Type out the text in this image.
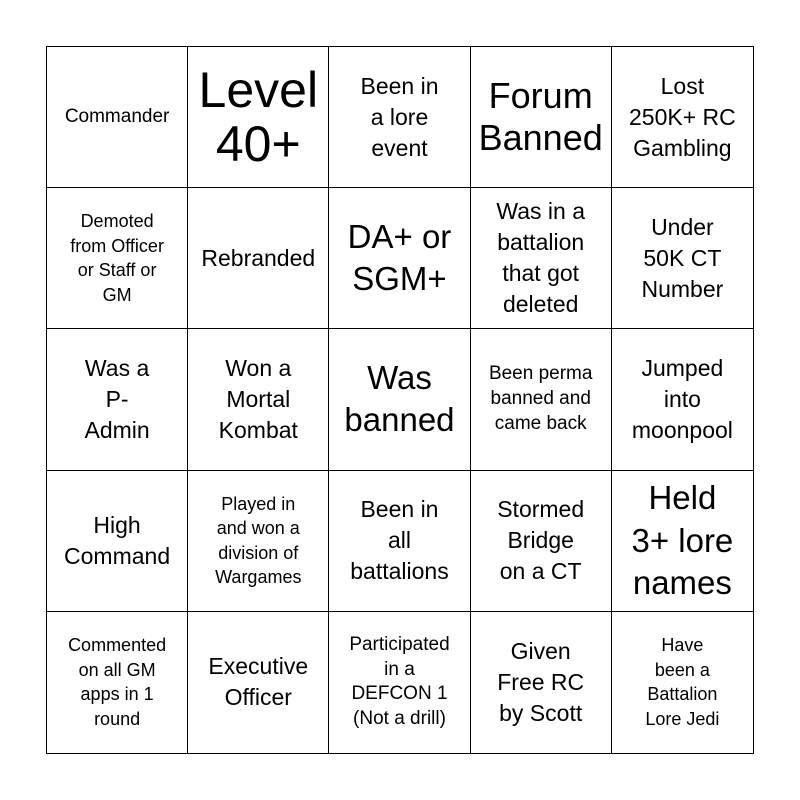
Commander Level
40+
Been in
a lore
event
Forum
Banned
Lost
250K+ RC
Gambling
Demoted
from Officer
or Staff or
GM
Rebranded
DA+ or
SGM+
Was in a
battalion
that got
deleted
Under
50K CT
Number
Was a
P-
Admin
Won a
Mortal
Kombat
Was
banned
Been perma
banned and
came back
Jumped
into
moonpool
High
Command
Played in
and won a
division of
Wargames
Been in
all
battalions
Stormed
Bridge
on a CT
Held
3+ lore
names
Commented
on all GM
apps in 1
round
Executive
Officer
Participated
in a
DEFCON 1
(Not a drill)
Given
Free RC
by Scott
Have
been a
Battalion
Lore Jedi
